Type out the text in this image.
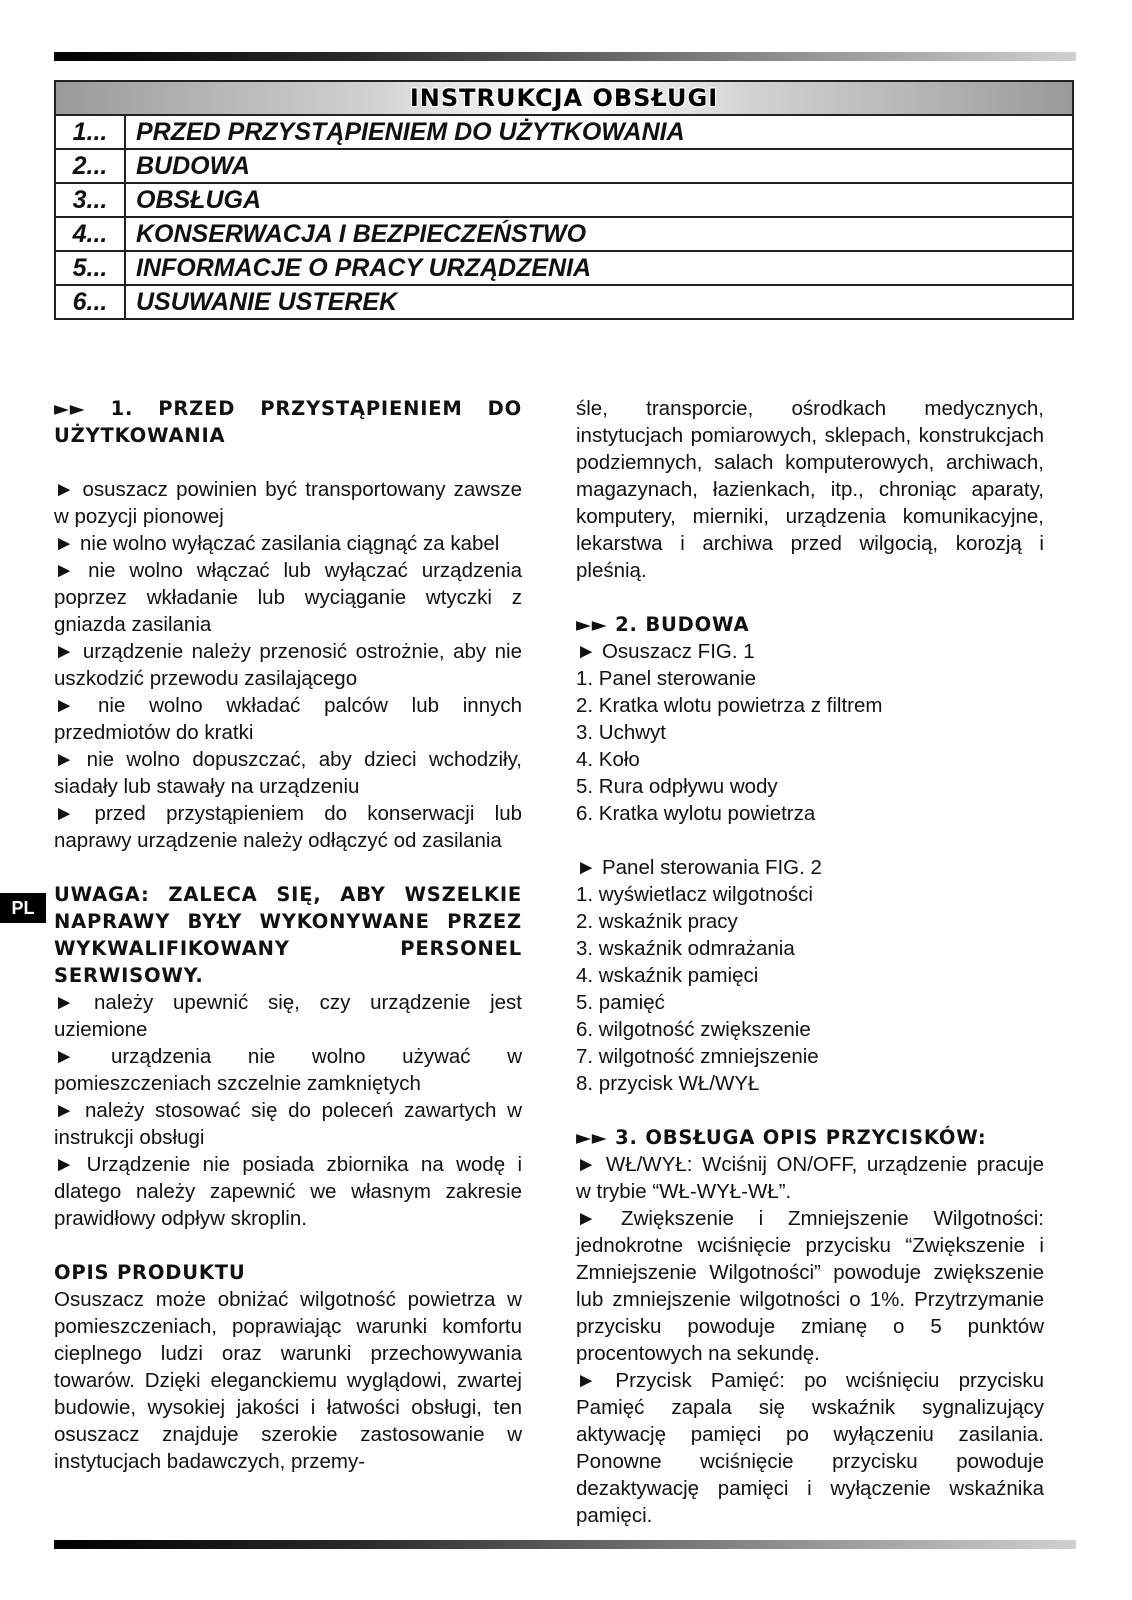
INSTRUKCJA OBSŁUGI	
1...	PRZED PRZYSTĄPIENIEM DO UŻYTKOWANIA
2...	BUDOWA
3...	OBSŁUGA
4...	KONSERWACJA I BEZPIECZEŃSTWO
5...	INFORMACJE O PRACY URZĄDZENIA
6...	USUWANIE USTEREK
PL

►► 1. PRZED PRZYSTĄPIENIEM DO UŻYTKOWANIA

► osuszacz powinien być transportowany zawsze w pozycji pionowej

► nie wolno wyłączać zasilania ciągnąć za kabel

► nie wolno włączać lub wyłączać urządzenia poprzez wkładanie lub wyciąganie wtyczki z gniazda zasilania

► urządzenie należy przenosić ostrożnie, aby nie uszkodzić przewodu zasilającego

► nie wolno wkładać palców lub innych przedmiotów do kratki

► nie wolno dopuszczać, aby dzieci wchodziły, siadały lub stawały na urządzeniu

► przed przystąpieniem do konserwacji lub naprawy urządzenie należy odłączyć od zasilania

UWAGA: ZALECA SIĘ, ABY WSZELKIE NAPRAWY BYŁY WYKONYWANE PRZEZ WYKWALIFIKOWANY PERSONEL SERWISOWY.

► należy upewnić się, czy urządzenie jest uziemione

► urządzenia nie wolno używać w pomieszczeniach szczelnie zamkniętych

► należy stosować się do poleceń zawartych w instrukcji obsługi

► Urządzenie nie posiada zbiornika na wodę i dlatego należy zapewnić we własnym zakresie prawidłowy odpływ skroplin.

OPIS PRODUKTU

Osuszacz może obniżać wilgotność powietrza w pomieszczeniach, poprawiając warunki komfortu cieplnego ludzi oraz warunki przechowywania towarów. Dzięki eleganckiemu wyglądowi, zwartej budowie, wysokiej jakości i łatwości obsługi, ten osuszacz znajduje szerokie zastosowanie w instytucjach badawczych, przemy-

śle, transporcie, ośrodkach medycznych, instytucjach pomiarowych, sklepach, konstrukcjach podziemnych, salach komputerowych, archiwach, magazynach, łazienkach, itp., chroniąc aparaty, komputery, mierniki, urządzenia komunikacyjne, lekarstwa i archiwa przed wilgocią, korozją i pleśnią.

►► 2. BUDOWA

► Osuszacz FIG. 1

1. Panel sterowanie

2. Kratka wlotu powietrza z filtrem

3. Uchwyt

4. Koło

5. Rura odpływu wody

6. Kratka wylotu powietrza

► Panel sterowania FIG. 2

1. wyświetlacz wilgotności

2. wskaźnik pracy

3. wskaźnik odmrażania

4. wskaźnik pamięci

5. pamięć

6. wilgotność zwiększenie

7. wilgotność zmniejszenie

8. przycisk WŁ/WYŁ

►► 3. OBSŁUGA OPIS PRZYCISKÓW:

► WŁ/WYŁ: Wciśnij ON/OFF, urządzenie pracuje w trybie “WŁ-WYŁ-WŁ”.

► Zwiększenie i Zmniejszenie Wilgotności: jednokrotne wciśnięcie przycisku “Zwiększenie i Zmniejszenie Wilgotności” powoduje zwiększenie lub zmniejszenie wilgotności o 1%. Przytrzymanie przycisku powoduje zmianę o 5 punktów procentowych na sekundę.

► Przycisk Pamięć: po wciśnięciu przycisku Pamięć zapala się wskaźnik sygnalizujący aktywację pamięci po wyłączeniu zasilania. Ponowne wciśnięcie przycisku powoduje dezaktywację pamięci i wyłączenie wskaźnika pamięci.
